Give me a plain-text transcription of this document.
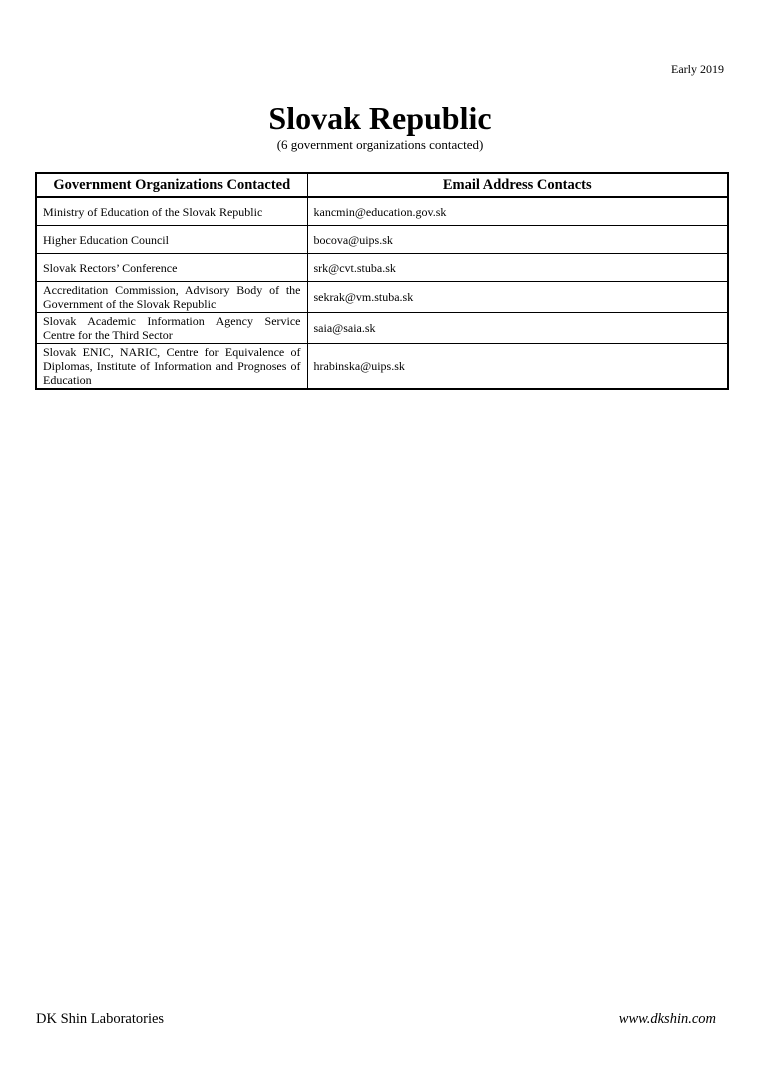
Early 2019
Slovak Republic
(6 government organizations contacted)
Government Organizations Contacted	Email Address Contacts
Ministry of Education of the Slovak Republic	kancmin@education.gov.sk
Higher Education Council	bocova@uips.sk
Slovak Rectors’ Conference	srk@cvt.stuba.sk
Accreditation Commission, Advisory Body of the Government of the Slovak Republic	sekrak@vm.stuba.sk
Slovak Academic Information Agency Service Centre for the Third Sector	saia@saia.sk
Slovak ENIC, NARIC, Centre for Equivalence of Diplomas, Institute of Information and Prognoses of Education	hrabinska@uips.sk
DK Shin Laboratories	www.dkshin.com
